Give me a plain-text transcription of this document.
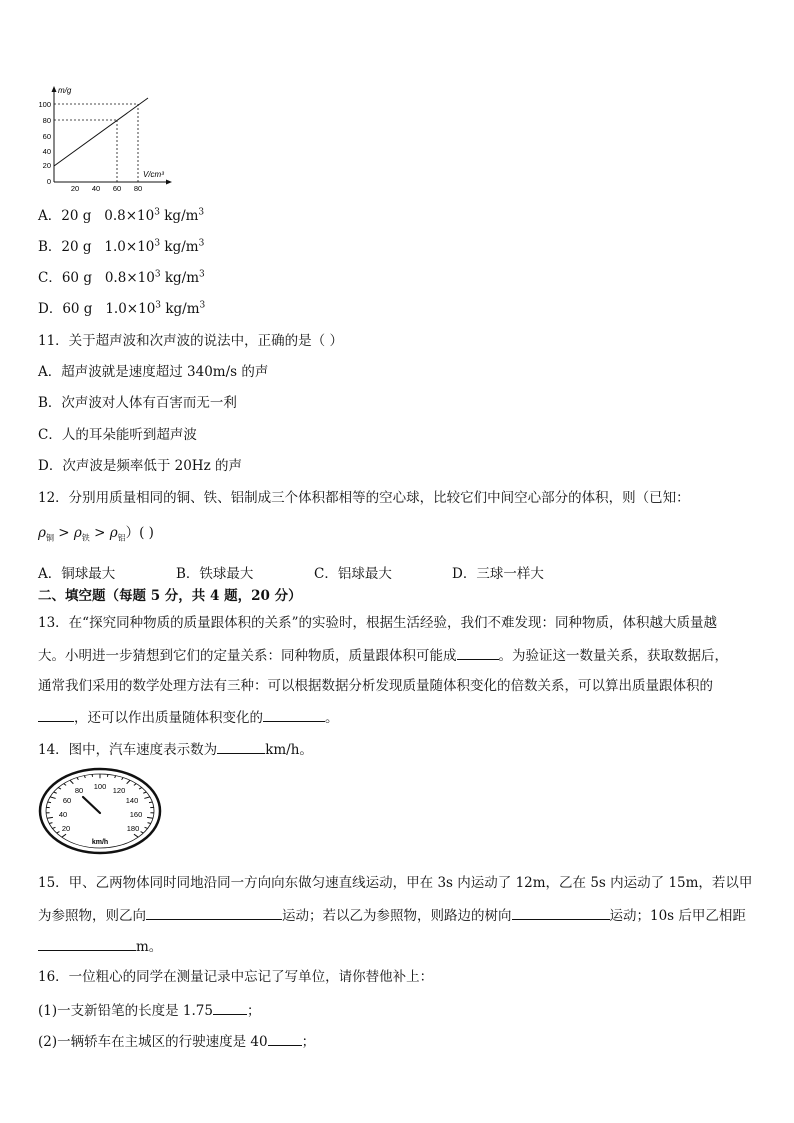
m/g
V/cm³
100
80
60
40
20
0
20 40 60 80
A．20 g $0.8\times 10^3$ $kg/m^3$
B．20 g $1.0\times 10^3$ $kg/m^3$
C．60 g $0.8\times 10^3$ $kg/m^3$
D．60 g $1.0\times 10^3$ $kg/m^3$
11．关于超声波和次声波的说法中，正确的是（ ）
A．超声波就是速度超过 340m/s 的声
B．次声波对人体有百害而无一利
C．人的耳朵能听到超声波
D．次声波是频率低于 20Hz 的声
12．分别用质量相同的铜、铁、铝制成三个体积都相等的空心球，比较它们中间空心部分的体积，则（已知：
$\rho_铜 > \rho_铁 > \rho_铝$）( )
A．铜球最大	B．铁球最大	C．铝球最大	D．三球一样大
二、填空题（每题 5 分，共 4 题，20 分）
13．在“探究同种物质的质量跟体积的关系”的实验时，根据生活经验，我们不难发现：同种物质，体积越大质量越
大。小明进一步猜想到它们的定量关系：同种物质，质量跟体积可能成	。为验证这一数量关系，获取数据后，
通常我们采用的数学处理方法有三种：可以根据数据分析发现质量随体积变化的倍数关系，可以算出质量跟体积的
，还可以作出质量随体积变化的	。
14．图中，汽车速度表示数为	km/h。
20
40
60
80 100 120
140
160
180
km/h
15．甲、乙两物体同时同地沿同一方向向东做匀速直线运动，甲在 3s 内运动了 12m，乙在 5s 内运动了 15m，若以甲
为参照物，则乙向	运动；若以乙为参照物，则路边的树向	运动；10s 后甲乙相距
m。
16．一位粗心的同学在测量记录中忘记了写单位，请你替他补上：
(1)一支新铅笔的长度是 1.75	；
(2)一辆轿车在主城区的行驶速度是 40	；
